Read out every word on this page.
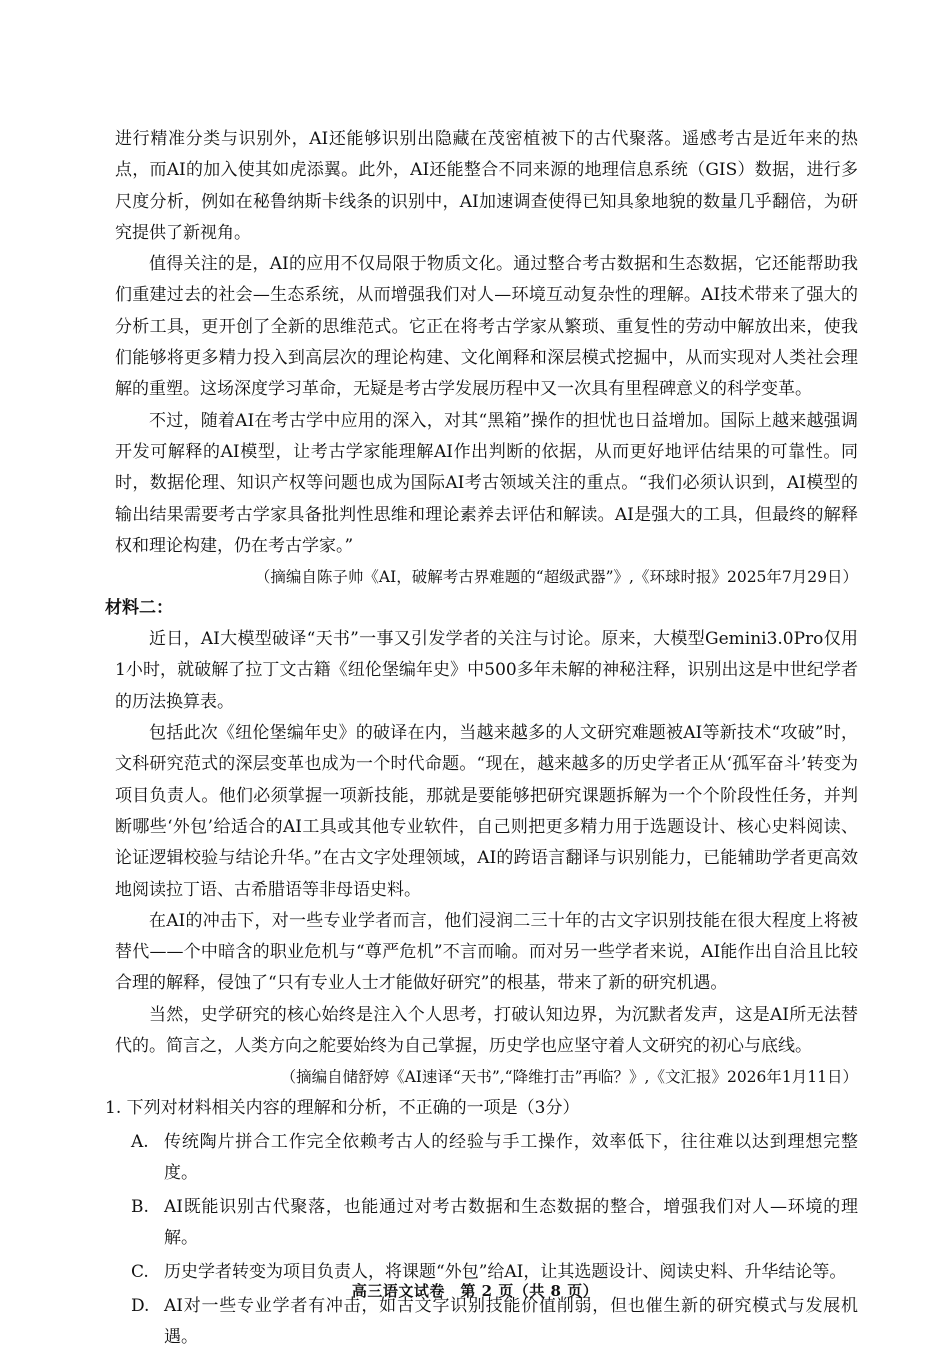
进行精准分类与识别外，AI还能够识别出隐藏在茂密植被下的古代聚落。遥感考古是近年来的热点，而AI的加入使其如虎添翼。此外，AI还能整合不同来源的地理信息系统（GIS）数据，进行多尺度分析，例如在秘鲁纳斯卡线条的识别中，AI加速调查使得已知具象地貌的数量几乎翻倍，为研究提供了新视角。

值得关注的是，AI的应用不仅局限于物质文化。通过整合考古数据和生态数据，它还能帮助我们重建过去的社会—生态系统，从而增强我们对人—环境互动复杂性的理解。AI技术带来了强大的分析工具，更开创了全新的思维范式。它正在将考古学家从繁琐、重复性的劳动中解放出来，使我们能够将更多精力投入到高层次的理论构建、文化阐释和深层模式挖掘中，从而实现对人类社会理解的重塑。这场深度学习革命，无疑是考古学发展历程中又一次具有里程碑意义的科学变革。

不过，随着AI在考古学中应用的深入，对其“黑箱”操作的担忧也日益增加。国际上越来越强调开发可解释的AI模型，让考古学家能理解AI作出判断的依据，从而更好地评估结果的可靠性。同时，数据伦理、知识产权等问题也成为国际AI考古领域关注的重点。“我们必须认识到，AI模型的输出结果需要考古学家具备批判性思维和理论素养去评估和解读。AI是强大的工具，但最终的解释权和理论构建，仍在考古学家。”

（摘编自陈子帅《AI，破解考古界难题的“超级武器”》,《环球时报》2025年7月29日）

材料二：

近日，AI大模型破译“天书”一事又引发学者的关注与讨论。原来，大模型Gemini3.0Pro仅用1小时，就破解了拉丁文古籍《纽伦堡编年史》中500多年未解的神秘注释，识别出这是中世纪学者的历法换算表。

包括此次《纽伦堡编年史》的破译在内，当越来越多的人文研究难题被AI等新技术“攻破”时，文科研究范式的深层变革也成为一个时代命题。“现在，越来越多的历史学者正从‘孤军奋斗’转变为项目负责人。他们必须掌握一项新技能，那就是要能够把研究课题拆解为一个个阶段性任务，并判断哪些‘外包’给适合的AI工具或其他专业软件，自己则把更多精力用于选题设计、核心史料阅读、论证逻辑校验与结论升华。”在古文字处理领域，AI的跨语言翻译与识别能力，已能辅助学者更高效地阅读拉丁语、古希腊语等非母语史料。

在AI的冲击下，对一些专业学者而言，他们浸润二三十年的古文字识别技能在很大程度上将被替代——个中暗含的职业危机与“尊严危机”不言而喻。而对另一些学者来说，AI能作出自洽且比较合理的解释，侵蚀了“只有专业人士才能做好研究”的根基，带来了新的研究机遇。

当然，史学研究的核心始终是注入个人思考，打破认知边界，为沉默者发声，这是AI所无法替代的。简言之，人类方向之舵要始终为自己掌握，历史学也应坚守着人文研究的初心与底线。

（摘编自储舒婷《AI速译“天书”,“降维打击”再临？》,《文汇报》2026年1月11日）

1. 下列对材料相关内容的理解和分析，不正确的一项是（3分）

A. 传统陶片拼合工作完全依赖考古人的经验与手工操作，效率低下，往往难以达到理想完整度。
B. AI既能识别古代聚落，也能通过对考古数据和生态数据的整合，增强我们对人—环境的理解。
C. 历史学者转变为项目负责人，将课题“外包”给AI，让其选题设计、阅读史料、升华结论等。
D. AI对一些专业学者有冲击，如古文字识别技能价值削弱，但也催生新的研究模式与发展机遇。
高三语文试卷　第 2 页（共 8 页）
